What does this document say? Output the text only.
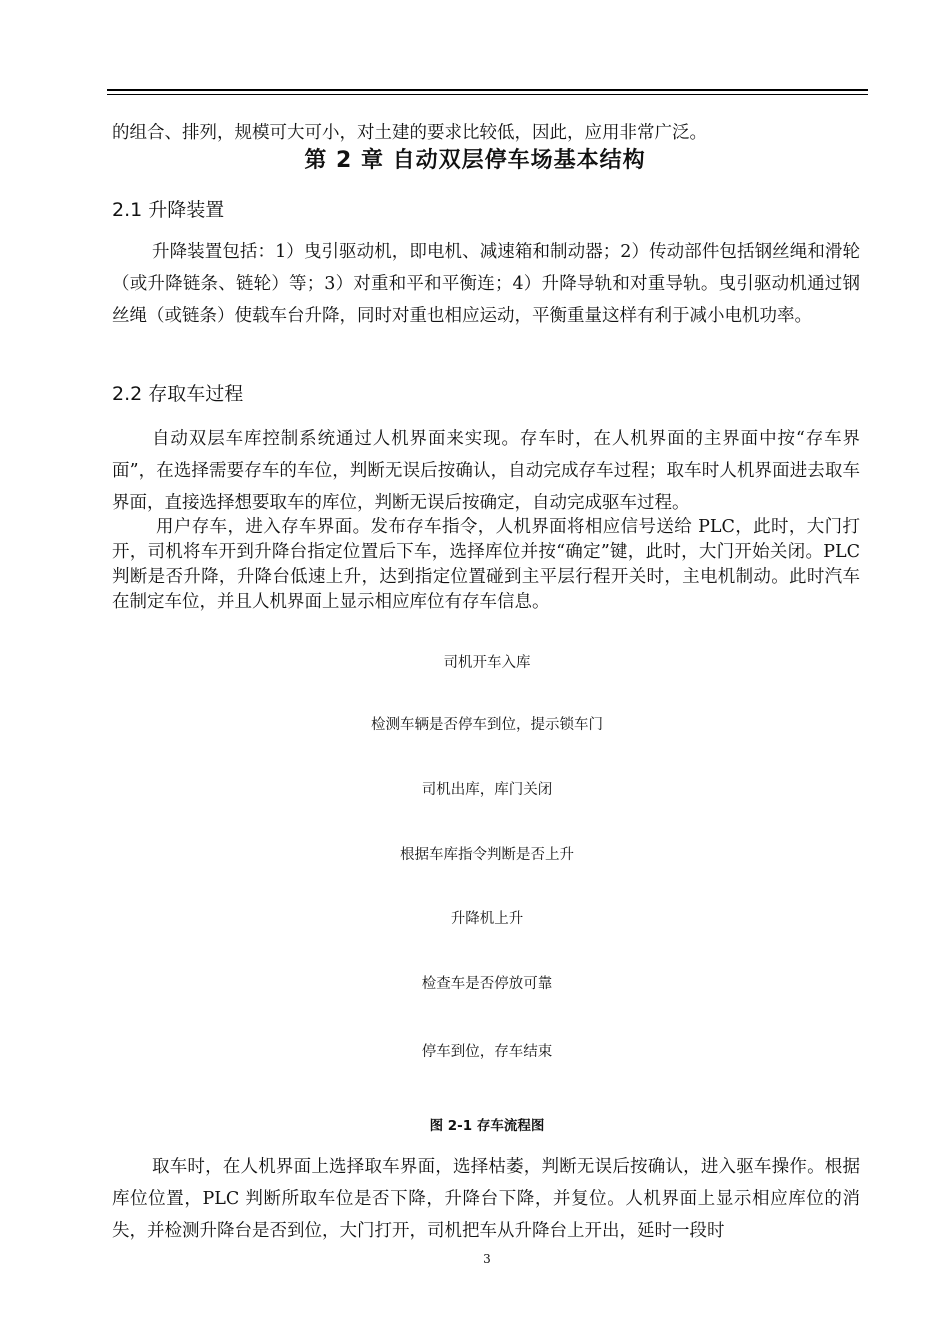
的组合、排列，规模可大可小，对土建的要求比较低，因此，应用非常广泛。

第 2 章 自动双层停车场基本结构
2.1 升降装置

升降装置包括：1）曳引驱动机，即电机、减速箱和制动器；2）传动部件包括钢丝绳和滑轮（或升降链条、链轮）等；3）对重和平和平衡连；4）升降导轨和对重导轨。曳引驱动机通过钢丝绳（或链条）使载车台升降，同时对重也相应运动，平衡重量这样有利于减小电机功率。

2.2 存取车过程

自动双层车库控制系统通过人机界面来实现。存车时，在人机界面的主界面中按“存车界面”，在选择需要存车的车位，判断无误后按确认，自动完成存车过程；取车时人机界面进去取车界面，直接选择想要取车的库位，判断无误后按确定，自动完成驱车过程。

用户存车，进入存车界面。发布存车指令，人机界面将相应信号送给 PLC，此时，大门打开，司机将车开到升降台指定位置后下车，选择库位并按“确定”键，此时，大门开始关闭。PLC 判断是否升降，升降台低速上升，达到指定位置碰到主平层行程开关时，主电机制动。此时汽车在制定车位，并且人机界面上显示相应库位有存车信息。

司机开车入库

检测车辆是否停车到位，提示锁车门

司机出库，库门关闭

根据车库指令判断是否上升

升降机上升

检查车是否停放可靠

停车到位，存车结束

图 2-1 存车流程图

取车时，在人机界面上选择取车界面，选择枯萎，判断无误后按确认，进入驱车操作。根据库位位置，PLC 判断所取车位是否下降，升降台下降，并复位。人机界面上显示相应库位的消失，并检测升降台是否到位，大门打开，司机把车从升降台上开出，延时一段时

3
